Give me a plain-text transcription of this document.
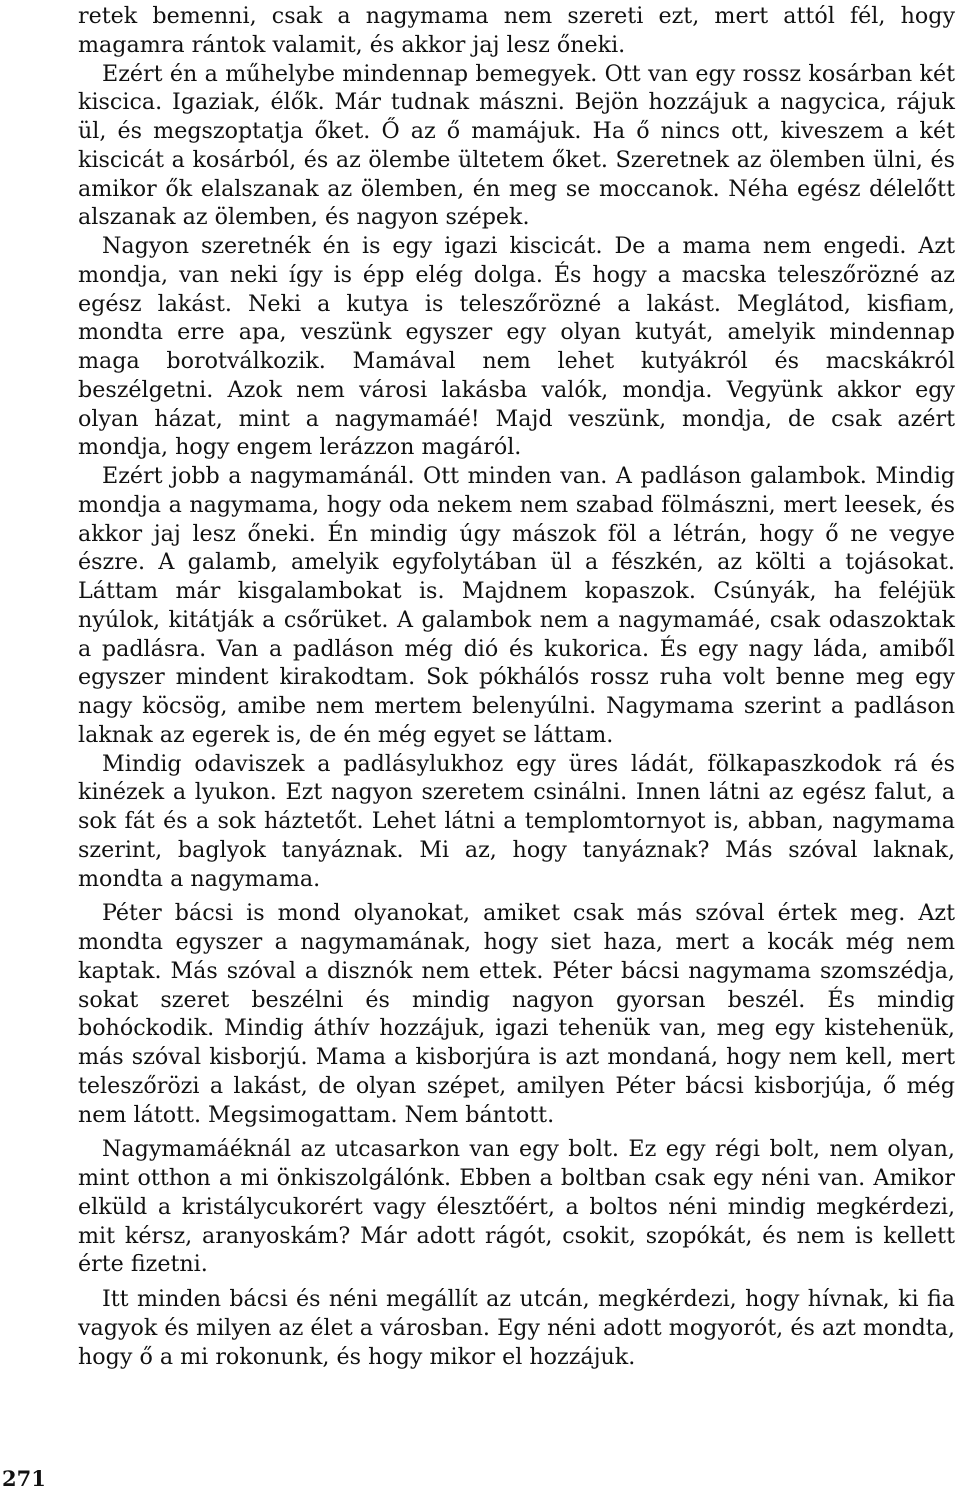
retek bemenni, csak a nagymama nem szereti ezt, mert attól fél, hogy magamra rántok valamit, és akkor jaj lesz őneki.

Ezért én a műhelybe mindennap bemegyek. Ott van egy rossz kosárban két kiscica. Igaziak, élők. Már tudnak mászni. Bejön hozzájuk a nagycica, rájuk ül, és megszoptatja őket. Ő az ő mamájuk. Ha ő nincs ott, kiveszem a két kiscicát a kosárból, és az ölembe ültetem őket. Szeretnek az ölemben ülni, és amikor ők elalszanak az ölemben, én meg se moccanok. Néha egész délelőtt alszanak az ölemben, és nagyon szépek.

Nagyon szeretnék én is egy igazi kiscicát. De a mama nem engedi. Azt mondja, van neki így is épp elég dolga. És hogy a macska teleszőrözné az egész lakást. Neki a kutya is teleszőrözné a lakást. Meglátod, kisfiam, mondta erre apa, veszünk egyszer egy olyan kutyát, amelyik mindennap maga borotválkozik. Mamával nem lehet kutyákról és macskákról beszélgetni. Azok nem városi lakásba valók, mondja. Vegyünk akkor egy olyan házat, mint a nagymamáé! Majd veszünk, mondja, de csak azért mondja, hogy engem lerázzon magáról.

Ezért jobb a nagymamánál. Ott minden van. A padláson galambok. Mindig mondja a nagymama, hogy oda nekem nem szabad fölmászni, mert leesek, és akkor jaj lesz őneki. Én mindig úgy mászok föl a létrán, hogy ő ne vegye észre. A galamb, amelyik egyfolytában ül a fészkén, az költi a tojásokat. Láttam már kisgalambokat is. Majdnem kopaszok. Csúnyák, ha feléjük nyúlok, kitátják a csőrüket. A galambok nem a nagymamáé, csak odaszoktak a padlásra. Van a padláson még dió és kukorica. És egy nagy láda, amiből egyszer mindent kirakodtam. Sok pókhálós rossz ruha volt benne meg egy nagy köcsög, amibe nem mertem belenyúlni. Nagymama szerint a padláson laknak az egerek is, de én még egyet se láttam.

Mindig odaviszek a padlásylukhoz egy üres ládát, fölkapaszkodok rá és kinézek a lyukon. Ezt nagyon szeretem csinálni. Innen látni az egész falut, a sok fát és a sok háztetőt. Lehet látni a templomtornyot is, abban, nagymama szerint, baglyok tanyáznak. Mi az, hogy tanyáznak? Más szóval laknak, mondta a nagymama.

Péter bácsi is mond olyanokat, amiket csak más szóval értek meg. Azt mondta egyszer a nagymamának, hogy siet haza, mert a kocák még nem kaptak. Más szóval a disznók nem ettek. Péter bácsi nagymama szomszédja, sokat szeret beszélni és mindig nagyon gyorsan beszél. És mindig bohóckodik. Mindig áthív hozzájuk, igazi tehenük van, meg egy kistehenük, más szóval kisborjú. Mama a kisborjúra is azt mondaná, hogy nem kell, mert teleszőrözi a lakást, de olyan szépet, amilyen Péter bácsi kisborjúja, ő még nem látott. Megsimogattam. Nem bántott.

Nagymamáéknál az utcasarkon van egy bolt. Ez egy régi bolt, nem olyan, mint otthon a mi önkiszolgálónk. Ebben a boltban csak egy néni van. Amikor elküld a kristálycukorért vagy élesztőért, a boltos néni mindig megkérdezi, mit kérsz, aranyoskám? Már adott rágót, csokit, szopókát, és nem is kellett érte fizetni.

Itt minden bácsi és néni megállít az utcán, megkérdezi, hogy hívnak, ki fia vagyok és milyen az élet a városban. Egy néni adott mogyorót, és azt mondta, hogy ő a mi rokonunk, és hogy mikor el hozzájuk.

271
